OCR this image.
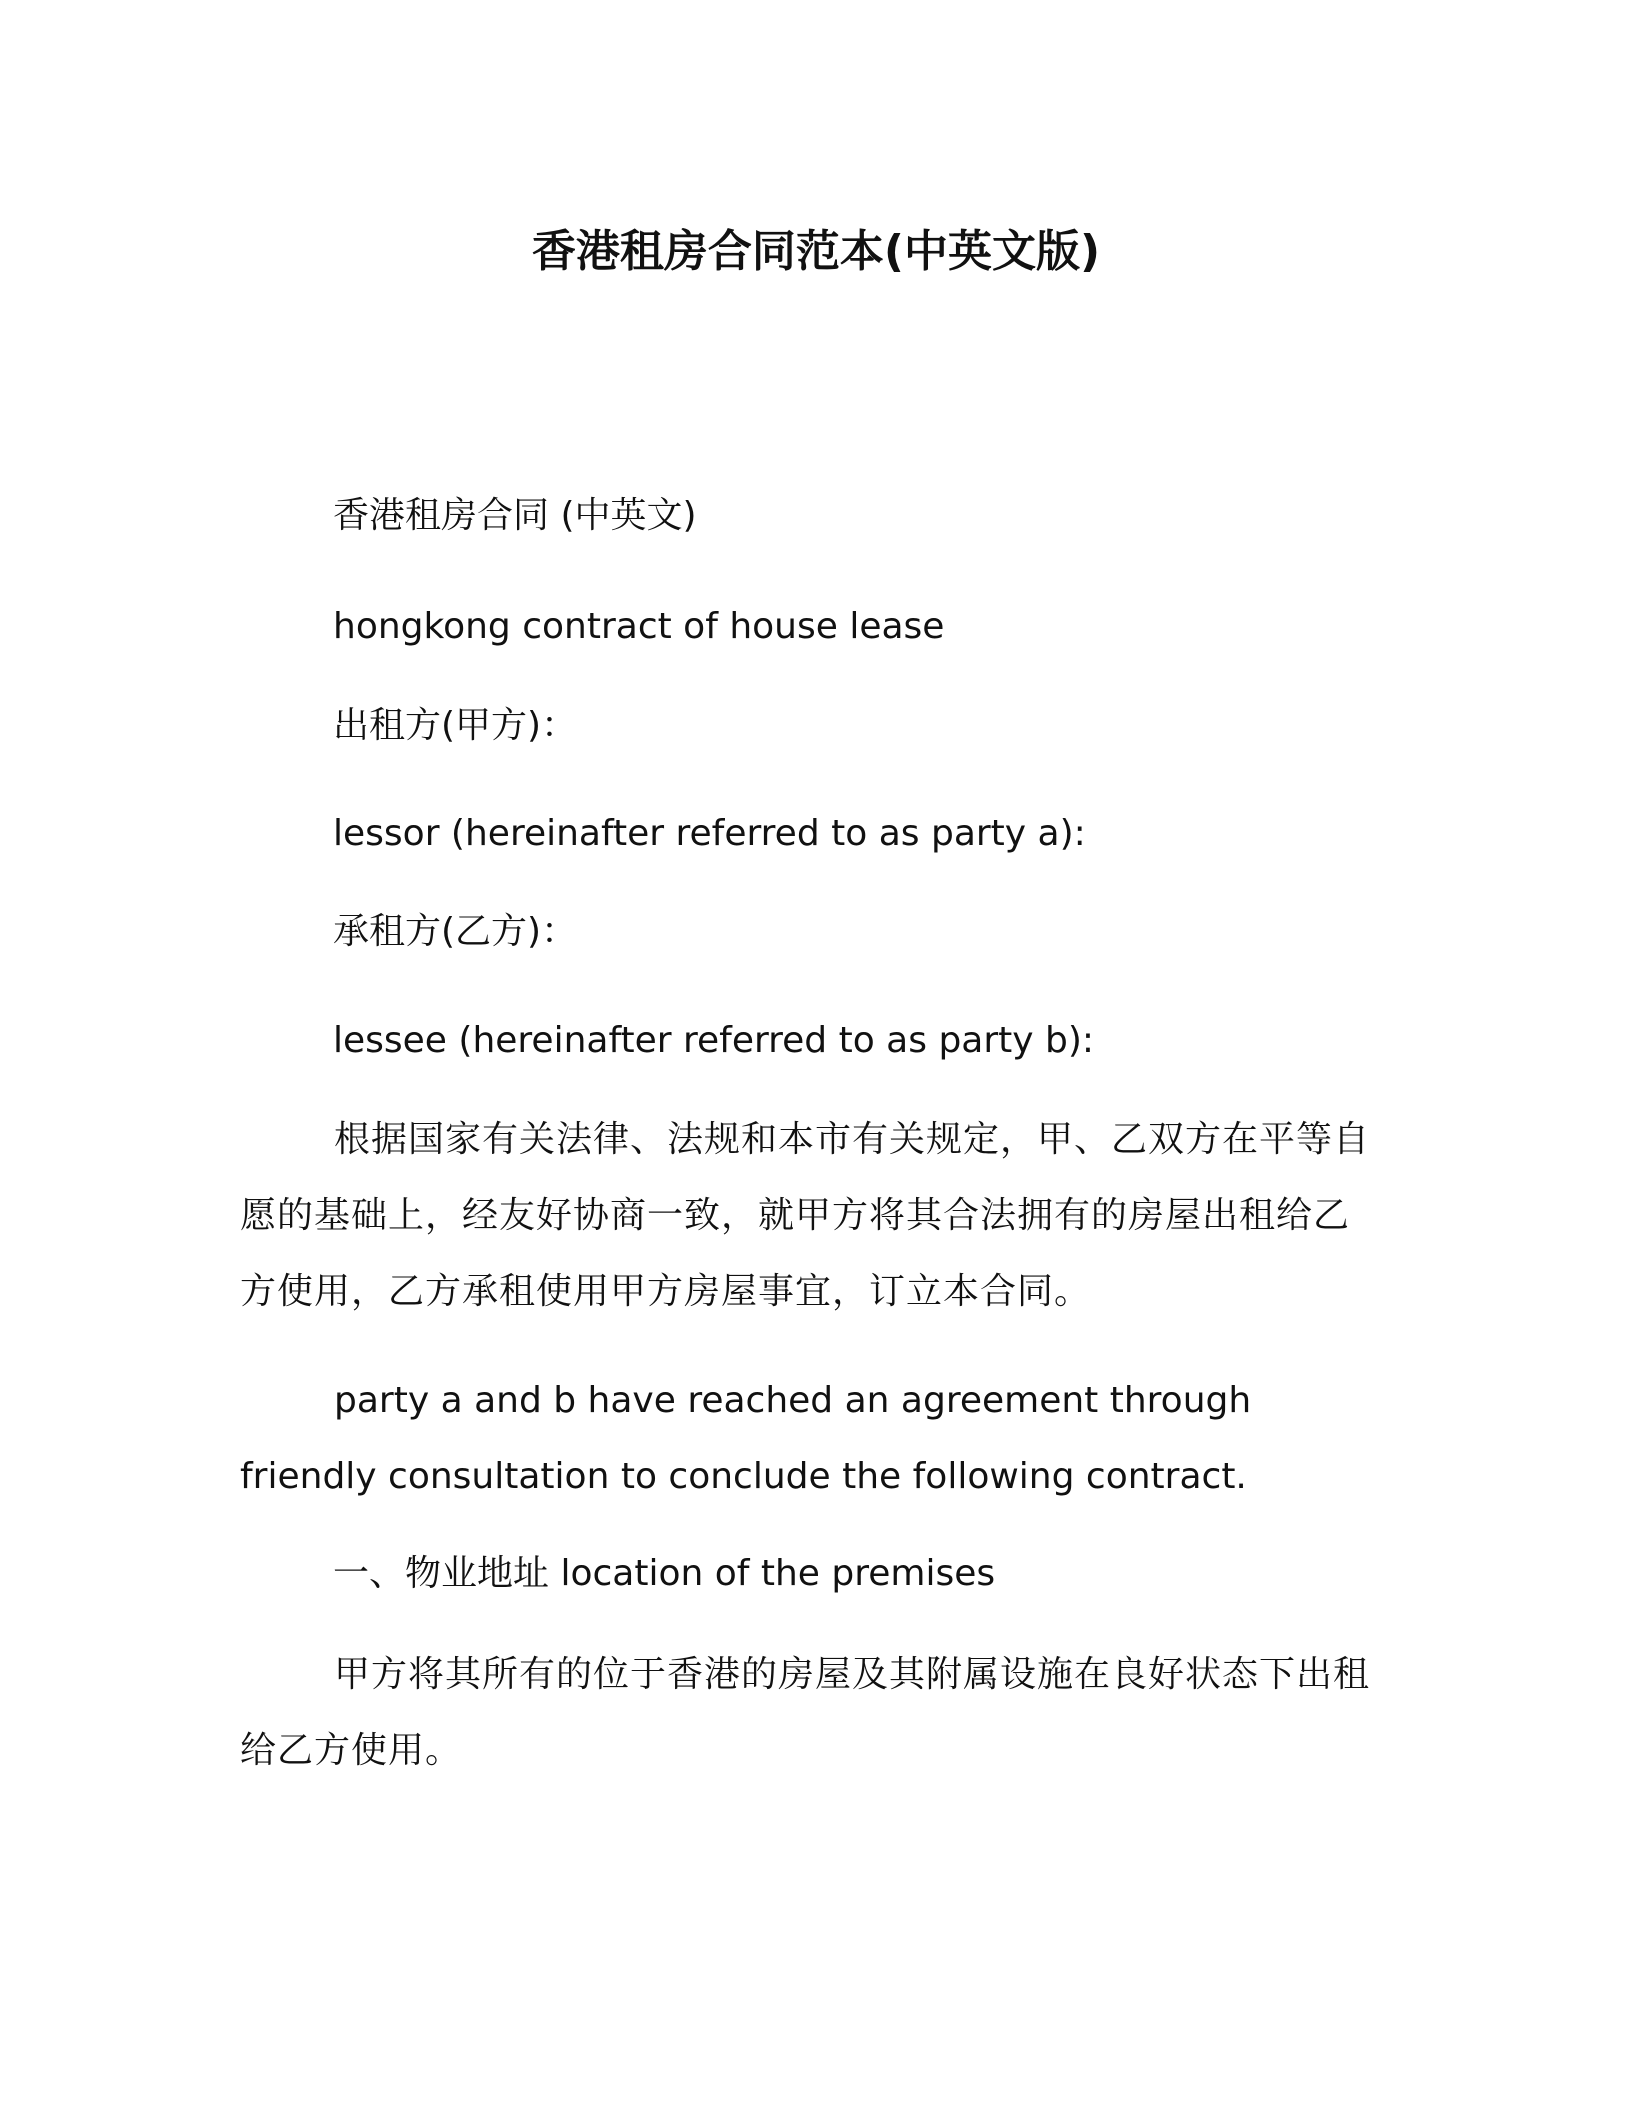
香港租房合同范本(中英文版)
香港租房合同 (中英文)
hongkong contract of house lease
出租方(甲方)：
lessor (hereinafter referred to as party a):
承租方(乙方)：
lessee (hereinafter referred to as party b):

根据国家有关法律、法规和本市有关规定，甲、乙双方在平等自愿的基础上，经友好协商一致，就甲方将其合法拥有的房屋出租给乙方使用，乙方承租使用甲方房屋事宜，订立本合同。

party a and b have reached an agreement through friendly consultation to conclude the following contract.

一、物业地址 location of the premises

甲方将其所有的位于香港的房屋及其附属设施在良好状态下出租给乙方使用。
